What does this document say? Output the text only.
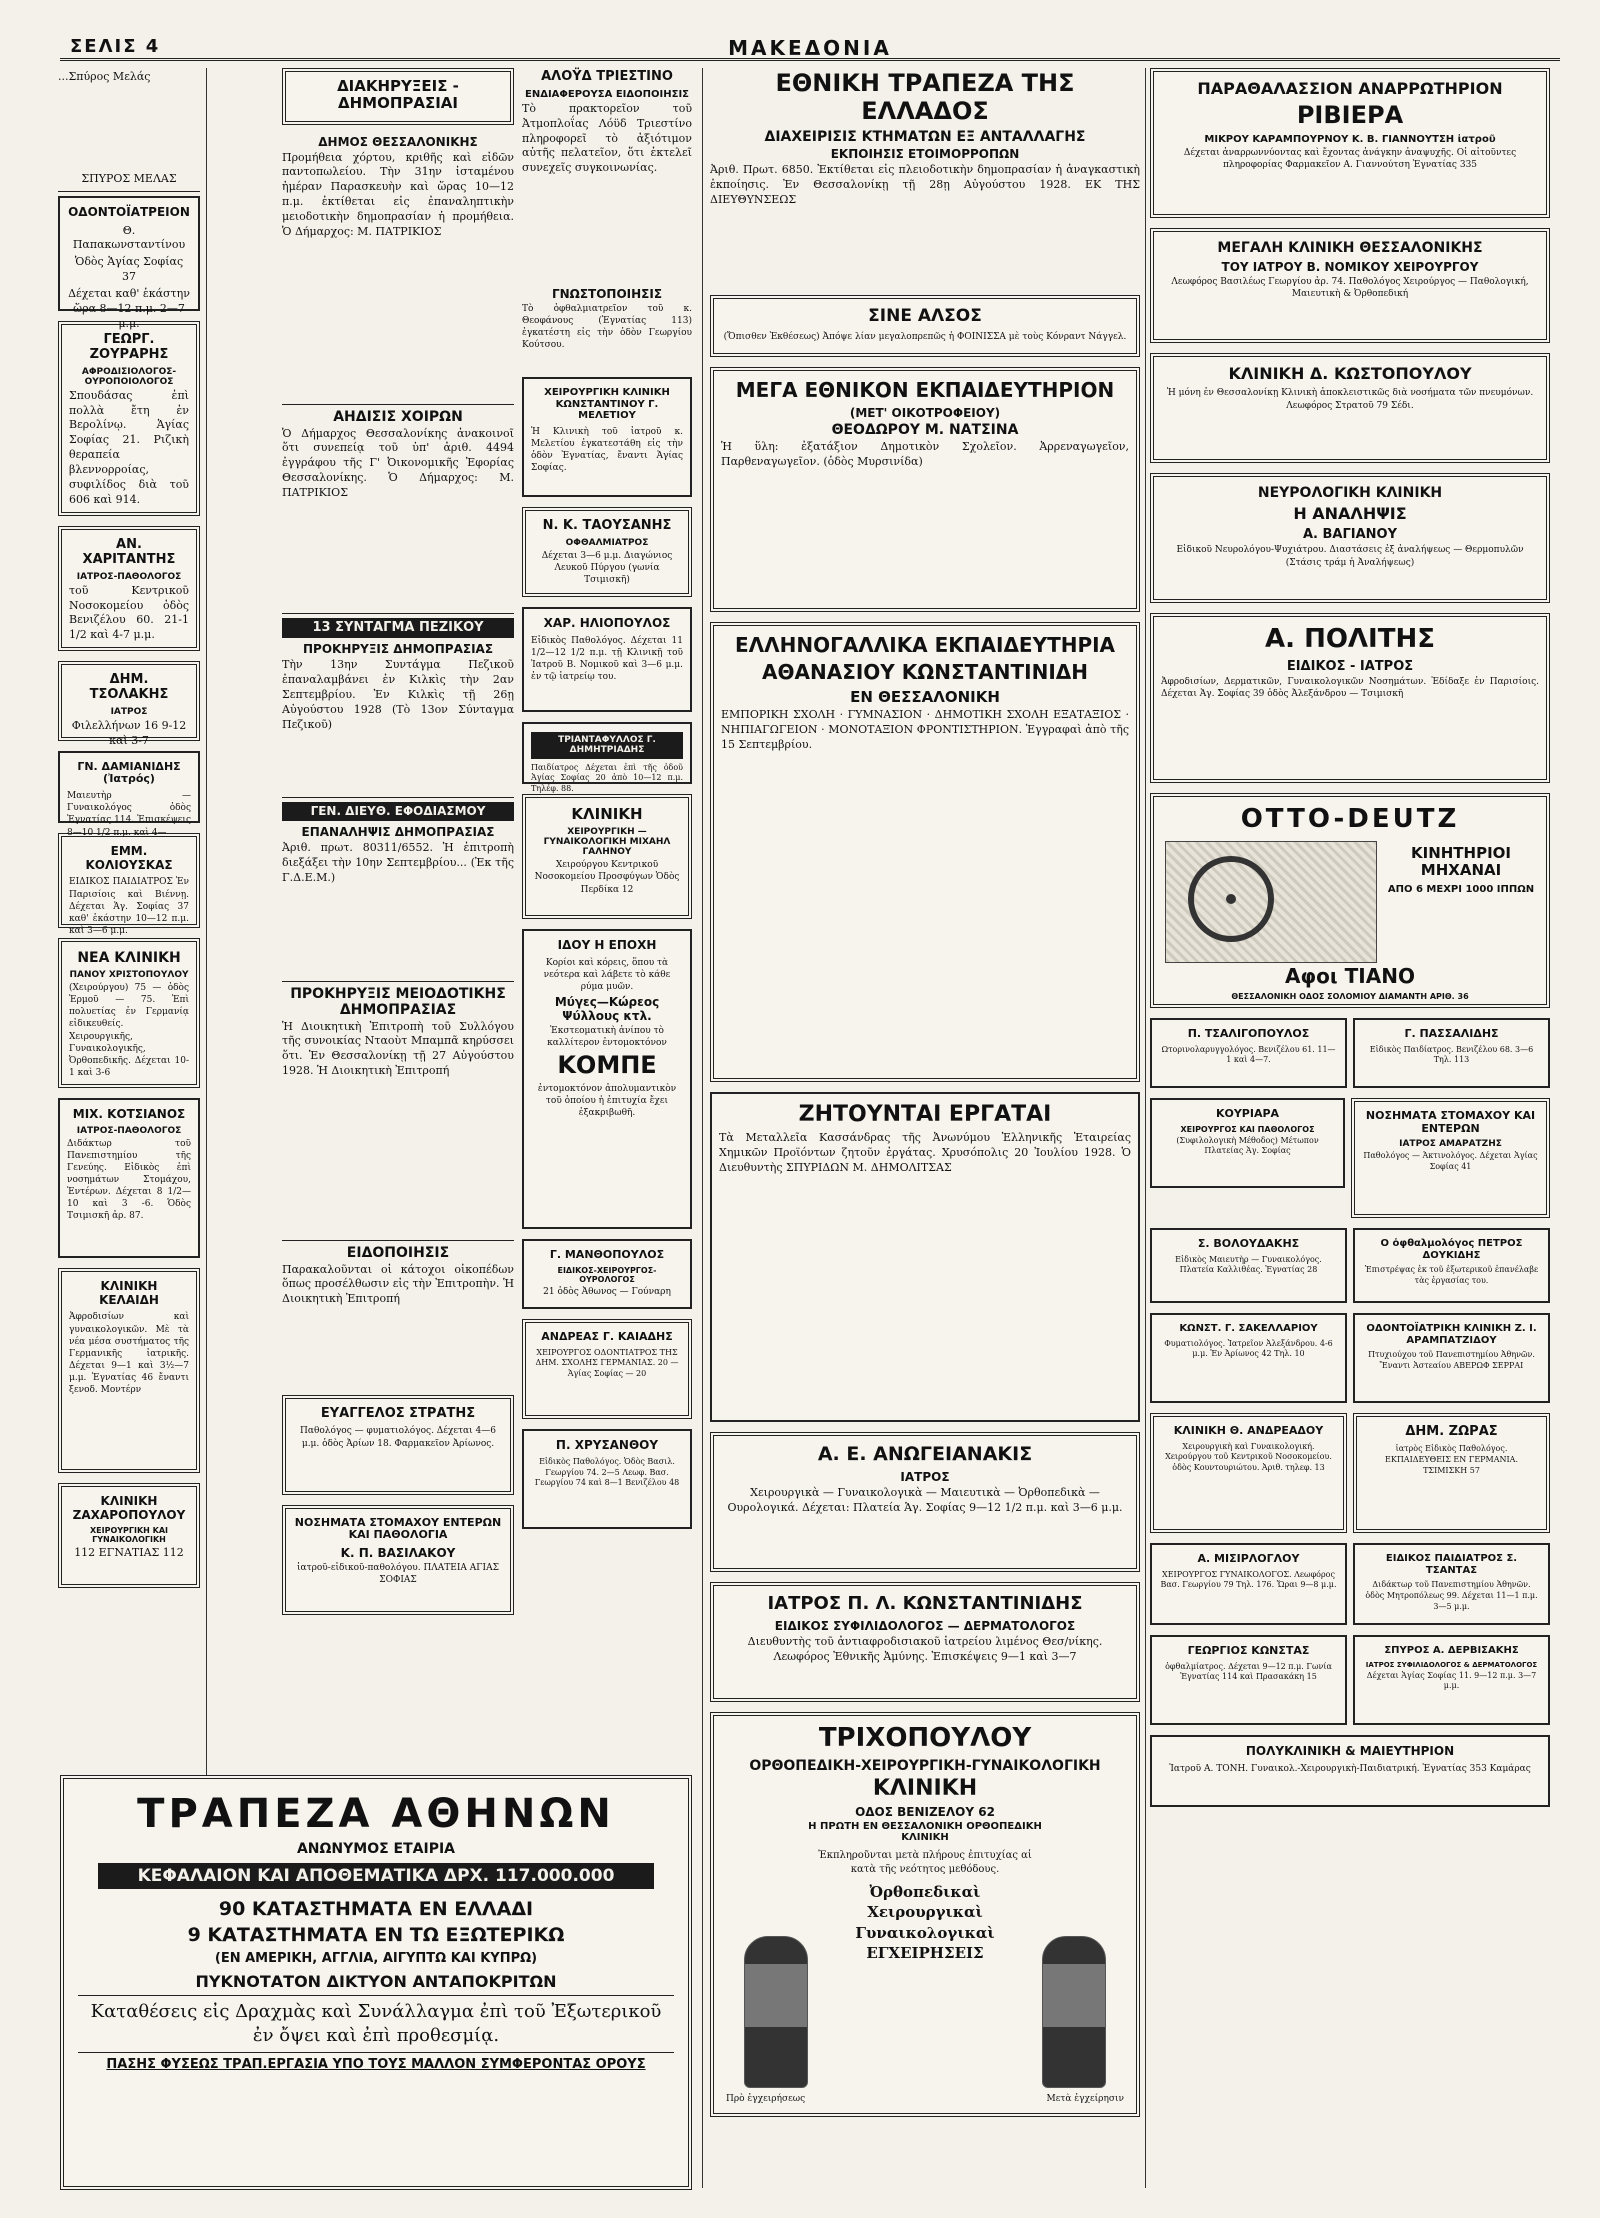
ΣΕΛΙΣ 4	ΜΑΚΕΔΟΝΙΑ

...Σπύρος Μελάς

ΣΠΥΡΟΣ ΜΕΛΑΣ

ΟΔΟΝΤΟΪΑΤΡΕΙΟΝ

Θ. Παπακωνσταντίνου

Ὁδὸς Ἁγίας Σοφίας 37

Δέχεται καθ' ἑκάστην ὥρα 8—12 π.μ. 2—7 μ.μ.

ΓΕΩΡΓ. ΖΟΥΡΑΡΗΣ

ΑΦΡΟΔΙΣΙΟΛΟΓΟΣ-ΟΥΡΟΠΟΙΟΛΟΓΟΣ

Σπουδάσας ἐπὶ πολλὰ ἔτη ἐν Βερολίνῳ. Ἁγίας Σοφίας 21. Ριζικὴ θεραπεία βλεννορροίας, συφιλίδος διὰ τοῦ 606 καὶ 914.

ΑΝ. ΧΑΡΙΤΑΝΤΗΣ

ΙΑΤΡΟΣ-ΠΑΘΟΛΟΓΟΣ

τοῦ Κεντρικοῦ Νοσοκομείου ὁδὸς Βενιζέλου 60. 21-1 1/2 καὶ 4-7 μ.μ.

ΔΗΜ. ΤΣΟΛΑΚΗΣ

ΙΑΤΡΟΣ

Φιλελλήνων 16 9-12 καὶ 3-7

ΓΝ. ΔΑΜΙΑΝΙΔΗΣ (Ἰατρός)

Μαιευτὴρ — Γυναικολόγος ὁδὸς Ἐγνατίας 114. Ἐπισκέψεις 8—10 1/2 π.μ. καὶ 4—

ΕΜΜ. ΚΟΛΙΟΥΣΚΑΣ

ΕΙΔΙΚΟΣ ΠΑΙΔΙΑΤΡΟΣ Ἐν Παρισίοις καὶ Βιέννῃ. Δέχεται Ἁγ. Σοφίας 37 καθ' ἑκάστην 10—12 π.μ. καὶ 3—6 μ.μ.

ΝΕΑ ΚΛΙΝΙΚΗ

ΠΑΝΟΥ ΧΡΙΣΤΟΠΟΥΛΟΥ

(Χειρούργου) 75 — ὁδὸς Ἑρμοῦ — 75. Ἐπὶ πολυετίας ἐν Γερμανίᾳ εἰδικευθείς. Χειρουργικῆς, Γυναικολογικῆς, Ὀρθοπεδικῆς. Δέχεται 10-1 καὶ 3-6

ΜΙΧ. ΚΟΤΣΙΑΝΟΣ

ΙΑΤΡΟΣ-ΠΑΘΟΛΟΓΟΣ

Διδάκτωρ τοῦ Πανεπιστημίου τῆς Γενεύης. Εἰδικὸς ἐπὶ νοσημάτων Στομάχου, Ἐντέρων. Δέχεται 8 1/2—10 καὶ 3 -6. Ὁδὸς Τσιμισκῆ ἀρ. 87.

ΚΛΙΝΙΚΗ ΚΕΛΑΙΔΗ

Ἀφροδισίων καὶ γυναικολογικῶν. Μὲ τὰ νέα μέσα συστήματος τῆς Γερμανικῆς ἰατρικῆς. Δέχεται 9—1 καὶ 3½—7 μ.μ. Ἐγνατίας 46 ἔναντι ξενοδ. Μοντέρν

ΚΛΙΝΙΚΗ ΖΑΧΑΡΟΠΟΥΛΟΥ

ΧΕΙΡΟΥΡΓΙΚΗ ΚΑΙ ΓΥΝΑΙΚΟΛΟΓΙΚΗ

112 ΕΓΝΑΤΙΑΣ 112

ΔΙΑΚΗΡΥΞΕΙΣ - ΔΗΜΟΠΡΑΣΙΑΙ
ΔΗΜΟΣ ΘΕΣΣΑΛΟΝΙΚΗΣ

Προμήθεια χόρτου, κριθῆς καὶ εἰδῶν παντοπωλείου. Τὴν 31ην ἰσταμένου ἡμέραν Παρασκευὴν καὶ ὥρας 10—12 π.μ. ἐκτίθεται εἰς ἐπαναληπτικὴν μειοδοτικὴν δημοπρασίαν ἡ προμήθεια. Ὁ Δήμαρχος: Μ. ΠΑΤΡΙΚΙΟΣ

ΑΗΔΙΣΙΣ ΧΟΙΡΩΝ

Ὁ Δήμαρχος Θεσσαλονίκης ἀνακοινοῖ ὅτι συνεπείᾳ τοῦ ὑπ' ἀριθ. 4494 ἐγγράφου τῆς Γ' Ὀικονομικῆς Ἐφορίας Θεσσαλονίκης. Ὁ Δήμαρχος: Μ. ΠΑΤΡΙΚΙΟΣ

13 ΣΥΝΤΑΓΜΑ ΠΕΖΙΚΟΥ
ΠΡΟΚΗΡΥΞΙΣ ΔΗΜΟΠΡΑΣΙΑΣ

Τὴν 13ην Συντάγμα Πεζικοῦ ἐπαναλαμβάνει ἐν Κιλκὶς τὴν 2αν Σεπτεμβρίου. Ἐν Κιλκὶς τῇ 26ῃ Αὐγούστου 1928 (Τὸ 13ον Σύνταγμα Πεζικοῦ)

ΓΕΝ. ΔΙΕΥΘ. ΕΦΟΔΙΑΣΜΟΥ
ΕΠΑΝΑΛΗΨΙΣ ΔΗΜΟΠΡΑΣΙΑΣ

Ἀριθ. πρωτ. 80311/6552. Ἡ ἐπιτροπὴ διεξάξει τὴν 10ην Σεπτεμβρίου... (Ἐκ τῆς Γ.Δ.Ε.Μ.)

ΠΡΟΚΗΡΥΞΙΣ ΜΕΙΟΔΟΤΙΚΗΣ ΔΗΜΟΠΡΑΣΙΑΣ

Ἡ Διοικητικὴ Ἐπιτροπὴ τοῦ Συλλόγου τῆς συνοικίας Νταοὺτ Μπαμπᾶ κηρύσσει ὅτι. Ἐν Θεσσαλονίκῃ τῇ 27 Αὐγούστου 1928. Ἡ Διοικητικὴ Ἐπιτροπή

ΕΙΔΟΠΟΙΗΣΙΣ

Παρακαλοῦνται οἱ κάτοχοι οἰκοπέδων ὅπως προσέλθωσιν εἰς τὴν Ἐπιτροπὴν. Ἡ Διοικητικὴ Ἐπιτροπή

ΕΥΑΓΓΕΛΟΣ ΣΤΡΑΤΗΣ

Παθολόγος — φυματιολόγος. Δέχεται 4—6 μ.μ. ὁδὸς Ἀρίων 18. Φαρμακεῖον Ἀρίωνος.

ΝΟΣΗΜΑΤΑ ΣΤΟΜΑΧΟΥ ΕΝΤΕΡΩΝ ΚΑΙ ΠΑΘΟΛΟΓΙΑ
Κ. Π. ΒΑΣΙΛΑΚΟΥ

ἰατροῦ-εἰδικοῦ-παθολόγου. ΠΛΑΤΕΙΑ ΑΓΙΑΣ ΣΟΦΙΑΣ

ΑΛΟΫΔ ΤΡΙΕΣΤΙΝΟ
ΕΝΔΙΑΦΕΡΟΥΣΑ ΕΙΔΟΠΟΙΗΣΙΣ

Τὸ πρακτορεῖον τοῦ Ἀτμοπλοΐας Λόϋδ Τριεστίνο πληροφορεῖ τὸ ἀξιότιμον αὐτῆς πελατεῖον, ὅτι ἐκτελεῖ συνεχεῖς συγκοινωνίας.

ΓΝΩΣΤΟΠΟΙΗΣΙΣ

Τὸ ὀφθαλμιατρεῖον τοῦ κ. Θεοφάνους (Ἐγνατίας 113) ἐγκατέστη εἰς τὴν ὁδὸν Γεωργίου Κούτσου.

ΧΕΙΡΟΥΡΓΙΚΗ ΚΛΙΝΙΚΗ ΚΩΝΣΤΑΝΤΙΝΟΥ Γ. ΜΕΛΕΤΙΟΥ

Ἡ Κλινικὴ τοῦ ἰατροῦ κ. Μελετίου ἐγκατεστάθη εἰς τὴν ὁδὸν Ἐγνατίας, ἔναντι Ἁγίας Σοφίας.

Ν. Κ. ΤΑΟΥΣΑΝΗΣ
ΟΦΘΑΛΜΙΑΤΡΟΣ

Δέχεται 3—6 μ.μ. Διαγώνιος Λευκοῦ Πύργου (γωνία Τσιμισκῆ)

ΧΑΡ. ΗΛΙΟΠΟΥΛΟΣ

Εἰδικὸς Παθολόγος. Δέχεται 11 1/2—12 1/2 π.μ. τῇ Κλινικῇ τοῦ Ἰατροῦ Β. Νομικοῦ καὶ 3—6 μ.μ. ἐν τῷ ἰατρείῳ του.

ΤΡΙΑΝΤΑΦΥΛΛΟΣ Γ. ΔΗΜΗΤΡΙΑΔΗΣ

Παιδίατρος Δέχεται ἐπὶ τῆς ὁδοῦ Ἁγίας Σοφίας 20 ἀπὸ 10—12 π.μ. Τηλέφ. 88.

ΚΛΙΝΙΚΗ
ΧΕΙΡΟΥΡΓΙΚΗ — ΓΥΝΑΙΚΟΛΟΓΙΚΗ ΜΙΧΑΗΛ ΓΑΛΗΝΟΥ

Χειρούργου Κεντρικοῦ Νοσοκομείου Προσφύγων Ὁδὸς Περδίκα 12

ΙΔΟΥ Η ΕΠΟΧΗ

Κορίοι καὶ κόρεις, ὅπου τὰ νεότερα καὶ λάβετε τὸ κάθε ρύμα μυῶν.

Μύγες—Κώρεος Ψύλλους κτλ.

Ἐκστεοματικὴ ἀνίπου τὸ καλλίτερον ἐντομοκτόνον

ΚΟΜΠΕ

ἐντομοκτόνον ἀπολυμαντικὸν τοῦ ὁποίου ἡ ἐπιτυχία ἔχει ἐξακριβωθῆ.

Γ. ΜΑΝΘΟΠΟΥΛΟΣ
ΕΙΔΙΚΟΣ-ΧΕΙΡΟΥΡΓΟΣ-ΟΥΡΟΛΟΓΟΣ

21 ὁδὸς Ἀθωνος — Γούναρη

ΑΝΔΡΕΑΣ Γ. ΚΑΙΑΔΗΣ

ΧΕΙΡΟΥΡΓΟΣ ΟΔΟΝΤΙΑΤΡΟΣ ΤΗΣ ΔΗΜ. ΣΧΟΛΗΣ ΓΕΡΜΑΝΙΑΣ. 20 — Ἁγίας Σοφίας — 20

Π. ΧΡΥΣΑΝΘΟΥ

Εἰδικὸς Παθολόγος. Ὁδὸς Βασιλ. Γεωργίου 74. 2—5 Λεωφ. Βασ. Γεωργίου 74 καὶ 8—1 Βενιζέλου 48

ΤΡΑΠΕΖΑ ΑΘΗΝΩΝ
ΑΝΩΝΥΜΟΣ ΕΤΑΙΡΙΑ
ΚΕΦΑΛΑΙΟΝ ΚΑΙ ΑΠΟΘΕΜΑΤΙΚΑ ΔΡΧ. 117.000.000
90 ΚΑΤΑΣΤΗΜΑΤΑ ΕΝ ΕΛΛΑΔΙ
9 ΚΑΤΑΣΤΗΜΑΤΑ ΕΝ ΤΩ ΕΞΩΤΕΡΙΚΩ
(ΕΝ ΑΜΕΡΙΚΗ, ΑΓΓΛΙΑ, ΑΙΓΥΠΤΩ ΚΑΙ ΚΥΠΡΩ)
ΠΥΚΝΟΤΑΤΟΝ ΔΙΚΤΥΟΝ ΑΝΤΑΠΟΚΡΙΤΩΝ

Καταθέσεις εἰς Δραχμὰς καὶ Συνάλλαγμα ἐπὶ τοῦ Ἐξωτερικοῦ ἐν ὄψει καὶ ἐπὶ προθεσμίᾳ.

ΠΑΣΗΣ ΦΥΣΕΩΣ ΤΡΑΠ.ΕΡΓΑΣΙΑ ΥΠΟ ΤΟΥΣ ΜΑΛΛΟΝ ΣΥΜΦΕΡΟΝΤΑΣ ΟΡΟΥΣ
ΕΘΝΙΚΗ ΤΡΑΠΕΖΑ ΤΗΣ ΕΛΛΑΔΟΣ
ΔΙΑΧΕΙΡΙΣΙΣ ΚΤΗΜΑΤΩΝ ΕΞ ΑΝΤΑΛΛΑΓΗΣ
ΕΚΠΟΙΗΣΙΣ ΕΤΟΙΜΟΡΡΟΠΩΝ

Ἀριθ. Πρωτ. 6850. Ἐκτίθεται εἰς πλειοδοτικὴν δημοπρασίαν ἡ ἀναγκαστικὴ ἐκποίησις. Ἐν Θεσσαλονίκῃ τῇ 28ῃ Αὐγούστου 1928. ΕΚ ΤΗΣ ΔΙΕΥΘΥΝΣΕΩΣ

ΣΙΝΕ ΑΛΣΟΣ

(Ὄπισθεν Ἐκθέσεως) Ἀπόψε λίαν μεγαλοπρεπῶς ἡ ΦΟΙΝΙΣΣΑ μὲ τοὺς Κόνραντ Νάγγελ.

ΜΕΓΑ ΕΘΝΙΚΟΝ ΕΚΠΑΙΔΕΥΤΗΡΙΟΝ
(ΜΕΤ' ΟΙΚΟΤΡΟΦΕΙΟΥ)
ΘΕΟΔΩΡΟΥ Μ. ΝΑΤΣΙΝΑ

Ἡ ὕλη: ἐξατάξιον Δημοτικὸν Σχολεῖον. Ἀρρεναγωγεῖον, Παρθεναγωγεῖον. (ὁδὸς Μυρσινίδα)

ΕΛΛΗΝΟΓΑΛΛΙΚΑ ΕΚΠΑΙΔΕΥΤΗΡΙΑ
ΑΘΑΝΑΣΙΟΥ ΚΩΝΣΤΑΝΤΙΝΙΔΗ
ΕΝ ΘΕΣΣΑΛΟΝΙΚΗ

ΕΜΠΟΡΙΚΗ ΣΧΟΛΗ · ΓΥΜΝΑΣΙΟΝ · ΔΗΜΟΤΙΚΗ ΣΧΟΛΗ ΕΞΑΤΑΞΙΟΣ · ΝΗΠΙΑΓΩΓΕΙΟΝ · ΜΟΝΟΤΑΞΙΟΝ ΦΡΟΝΤΙΣΤΗΡΙΟΝ. Ἐγγραφαὶ ἀπὸ τῆς 15 Σεπτεμβρίου.

ΖΗΤΟΥΝΤΑΙ ΕΡΓΑΤΑΙ

Τὰ Μεταλλεῖα Κασσάνδρας τῆς Ἀνωνύμου Ἑλληνικῆς Ἑταιρείας Χημικῶν Προϊόντων ζητοῦν ἐργάτας. Χρυσόπολις 20 Ἰουλίου 1928. Ὁ Διευθυντὴς ΣΠΥΡΙΔΩΝ Μ. ΔΗΜΟΛΙΤΣΑΣ

Α. Ε. ΑΝΩΓΕΙΑΝΑΚΙΣ
ΙΑΤΡΟΣ

Χειρουργικὰ — Γυναικολογικὰ — Μαιευτικὰ — Ὀρθοπεδικὰ — Ουρολογικά. Δέχεται: Πλατεία Ἁγ. Σοφίας 9—12 1/2 π.μ. καὶ 3—6 μ.μ.

ΙΑΤΡΟΣ Π. Λ. ΚΩΝΣΤΑΝΤΙΝΙΔΗΣ
ΕΙΔΙΚΟΣ ΣΥΦΙΛΙΔΟΛΟΓΟΣ — ΔΕΡΜΑΤΟΛΟΓΟΣ

Διευθυντὴς τοῦ ἀντιαφροδισιακοῦ ἰατρείου λιμένος Θεσ/νίκης. Λεωφόρος Ἐθνικῆς Ἀμύνης. Ἐπισκέψεις 9—1 καὶ 3—7

ΤΡΙΧΟΠΟΥΛΟΥ
ΟΡΘΟΠΕΔΙΚΗ-ΧΕΙΡΟΥΡΓΙΚΗ-ΓΥΝΑΙΚΟΛΟΓΙΚΗ
ΚΛΙΝΙΚΗ
ΟΔΟΣ ΒΕΝΙΖΕΛΟΥ 62
Η ΠΡΩΤΗ ΕΝ ΘΕΣΣΑΛΟΝΙΚΗ ΟΡΘΟΠΕΔΙΚΗ ΚΛΙΝΙΚΗ

Ἐκπληροῦνται μετὰ πλήρους ἐπιτυχίας αἱ κατὰ τῆς νεότητος μεθόδους.

Ὀρθοπεδικαὶ Χειρουργικαὶ Γυναικολογικαὶ ΕΓΧΕΙΡΗΣΕΙΣ

Πρὸ ἐγχειρήσεως	Μετὰ ἐγχείρησιν

ΠΑΡΑΘΑΛΑΣΣΙΟΝ ΑΝΑΡΡΩΤΗΡΙΟΝ
ΡΙΒΙΕΡΑ
ΜΙΚΡΟΥ ΚΑΡΑΜΠΟΥΡΝΟΥ Κ. Β. ΓΙΑΝΝΟΥΤΣΗ ἰατροῦ

Δέχεται ἀναρρωννύοντας καὶ ἔχοντας ἀνάγκην ἀναψυχῆς. Οἱ αἰτοῦντες πληροφορίας Φαρμακεῖον Α. Γιαννούτση Ἐγνατίας 335

ΜΕΓΑΛΗ ΚΛΙΝΙΚΗ ΘΕΣΣΑΛΟΝΙΚΗΣ
ΤΟΥ ΙΑΤΡΟΥ Β. ΝΟΜΙΚΟΥ ΧΕΙΡΟΥΡΓΟΥ

Λεωφόρος Βασιλέως Γεωργίου ἀρ. 74. Παθολόγος Χειρούργος — Παθολογική, Μαιευτικὴ & Ὀρθοπεδική

ΚΛΙΝΙΚΗ Δ. ΚΩΣΤΟΠΟΥΛΟΥ

Ἡ μόνη ἐν Θεσσαλονίκῃ Κλινικὴ ἀποκλειστικῶς διὰ νοσήματα τῶν πνευμόνων. Λεωφόρος Στρατοῦ 79 Σέδι.

ΝΕΥΡΟΛΟΓΙΚΗ ΚΛΙΝΙΚΗ
Η ΑΝΑΛΗΨΙΣ
Α. ΒΑΓΙΑΝΟΥ

Εἰδικοῦ Νευρολόγου-Ψυχιάτρου. Διαστάσεις ἐξ ἀναλήψεως — Θερμοπυλῶν (Στάσις τράμ ἡ Ἀναλήψεως)

Α. ΠΟΛΙΤΗΣ
ΕΙΔΙΚΟΣ - ΙΑΤΡΟΣ

Ἀφροδισίων, Δερματικῶν, Γυναικολογικῶν Νοσημάτων. Ἐδίδαξε ἐν Παρισίοις. Δέχεται Ἁγ. Σοφίας 39 ὁδὸς Ἀλεξάνδρου — Τσιμισκῆ

OTTO-DEUTZ
ΚΙΝΗΤΗΡΙΟΙ ΜΗΧΑΝΑΙ
ΑΠΟ 6 ΜΕΧΡΙ 1000 ΙΠΠΩΝ
Αφοι ΤΙΑΝΟ
ΘΕΣΣΑΛΟΝΙΚΗ ΟΔΟΣ ΣΟΛΟΜΙΟΥ ΔΙΑΜΑΝΤΗ ΑΡΙΘ. 36
Π. ΤΣΑΛΙΓΟΠΟΥΛΟΣ

Ωτορινολαρυγγολόγος. Βενιζέλου 61. 11—1 καὶ 4—7.

Γ. ΠΑΣΣΑΛΙΔΗΣ

Εἰδικὸς Παιδίατρος. Βενιζέλου 68. 3—6 Τηλ. 113

ΚΟΥΡΙΑΡΑ
ΧΕΙΡΟΥΡΓΟΣ ΚΑΙ ΠΑΘΟΛΟΓΟΣ

(Συφιλολογικὴ Μέθοδος) Μέτωπον Πλατείας Ἁγ. Σοφίας

ΝΟΣΗΜΑΤΑ ΣΤΟΜΑΧΟΥ ΚΑΙ ΕΝΤΕΡΩΝ
ΙΑΤΡΟΣ ΑΜΑΡΑΤΖΗΣ

Παθολόγος — Ἀκτινολόγος. Δέχεται Ἁγίας Σοφίας 41

Σ. ΒΟΛΟΥΔΑΚΗΣ

Εἰδικὸς Μαιευτὴρ — Γυναικολόγος. Πλατεία Καλλιθέας. Ἐγνατίας 28

Ο ὀφθαλμολόγος ΠΕΤΡΟΣ ΔΟΥΚΙΔΗΣ

Ἐπιστρέψας ἐκ τοῦ ἐξωτερικοῦ ἐπανέλαβε τὰς ἐργασίας του.

ΚΩΝΣΤ. Γ. ΣΑΚΕΛΛΑΡΙΟΥ

Φυματιολόγος. Ἰατρεῖον Ἀλεξάνδρου. 4-6 μ.μ. Ἐν Ἀρίωνος 42 Τηλ. 10

ΟΔΟΝΤΟΪΑΤΡΙΚΗ ΚΛΙΝΙΚΗ Ζ. Ι. ΑΡΑΜΠΑΤΖΙΔΟΥ

Πτυχιούχου τοῦ Πανεπιστημίου Ἀθηνῶν. Ἔναντι Ἀστεαίου ΑΒΕΡΩΦ ΣΕΡΡΑΙ

ΚΛΙΝΙΚΗ Θ. ΑΝΔΡΕΑΔΟΥ

Χειρουργικὴ καὶ Γυναικολογική. Χειρούργου τοῦ Κεντρικοῦ Νοσοκομείου. ὁδὸς Κουντουριώτου. Ἀριθ. τηλεφ. 13

ΔΗΜ. ΖΩΡΑΣ

ἰατρὸς Εἰδικὸς Παθολόγος. ΕΚΠΑΙΔΕΥΘΕΙΣ ΕΝ ΓΕΡΜΑΝΙΑ. ΤΣΙΜΙΣΚΗ 57

Α. ΜΙΣΙΡΛΟΓΛΟΥ

ΧΕΙΡΟΥΡΓΟΣ ΓΥΝΑΙΚΟΛΟΓΟΣ. Λεωφόρος Βασ. Γεωργίου 79 Τηλ. 176. Ὥραι 9—8 μ.μ.

ΕΙΔΙΚΟΣ ΠΑΙΔΙΑΤΡΟΣ Σ. ΤΣΑΝΤΑΣ

Διδάκτωρ τοῦ Πανεπιστημίου Ἀθηνῶν. ὁδὸς Μητροπόλεως 99. Δέχεται 11—1 π.μ. 3—5 μ.μ.

ΓΕΩΡΓΙΟΣ ΚΩΝΣΤΑΣ

ὀφθαλμίατρος. Δέχεται 9—12 π.μ. Γωνία Ἐγνατίας 114 καὶ Πρασακάκη 15

ΣΠΥΡΟΣ Α. ΔΕΡΒΙΣΑΚΗΣ
ΙΑΤΡΟΣ ΣΥΦΙΛΙΔΟΛΟΓΟΣ & ΔΕΡΜΑΤΟΛΟΓΟΣ

Δέχεται Ἁγίας Σοφίας 11. 9—12 π.μ. 3—7 μ.μ.

ΠΟΛΥΚΛΙΝΙΚΗ & ΜΑΙΕΥΤΗΡΙΟΝ

Ἰατροῦ Α. ΤΟΝΗ. Γυναικολ.-Χειρουργικὴ-Παιδιατρική. Ἐγνατίας 353 Καμάρας
